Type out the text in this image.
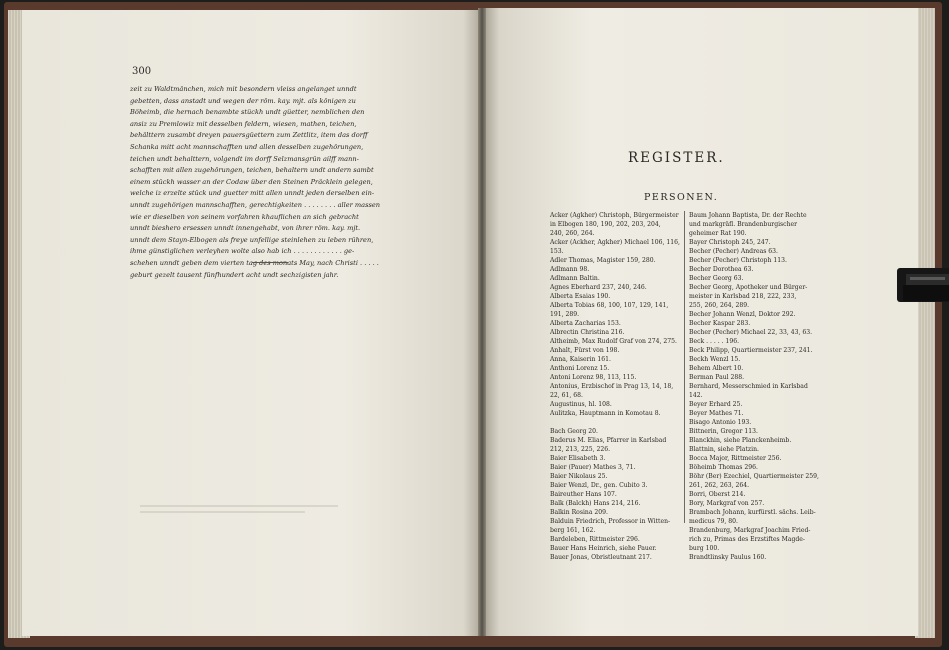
300
zeit zu Waldtmänchen, mich mit besondern vleiss angelanget unndt
gebetten, dass anstadt und wegen der röm. kay. mjt. als königen zu
Böheimb, die hernach benambte stückh undt güetter, nemblichen den
ansiz zu Premlowiz mit desselben feldern, wiesen, mathen, teichen,
behälttern zusambt dreyen pauersgüettern zum Zettlitz, item das dorff
Schanka mitt acht mannschafften und allen desselben zugehörungen,
teichen undt behalttern, volgendt im dorff Selzmansgrün ailff mann-
schafften mit allen zugehörungen, teichen, behaltern undt andern sambt
einem stückh wasser an der Codaw über den Steinen Präcklein gelegen,
welche iz erzelte stück und guetter mitt allen unndt jeden derselben ein-
unndt zugehörigen mannschafften, gerechtigkeiten . . . . . . . . aller massen
wie er dieselben von seinem vorfahren khauflichen an sich gebracht
unndt bieshero ersessen unndt innengehabt, von ihrer röm. kay. mjt.
unndt dem Stayn-Elbogen als freye unfellige steinlehen zu leben rühren,
ihme günstiglichen verleyhen wolte also hab ich . . . . . . . . . . . . ge-
schehen unndt geben dem vierten tag des monats May, nach Christi . . . . .
geburt gezelt tausent fünfhundert acht undt sechzigisten jahr.
REGISTER.
PERSONEN.
Acker (Agkher) Christoph, Bürgermeister
in Elbogen 180, 190, 202, 203, 204,
240, 260, 264.
Acker (Ackher, Agkher) Michael 106, 116,
153.
Adler Thomas, Magister 159, 280.
Adlmann 98.
Adlmann Baltin.
Agnes Eberhard 237, 240, 246.
Alberta Esaias 190.
Alberta Tobias 68, 100, 107, 129, 141,
191, 289.
Alberta Zacharias 153.
Albrectin Christina 216.
Altheimb, Max Rudolf Graf von 274, 275.
Anhalt, Fürst von 198.
Anna, Kaiserin 161.
Anthoni Lorenz 15.
Antoni Lorenz 98, 113, 115.
Antonius, Erzbischof in Prag 13, 14, 18,
22, 61, 68.
Augustinus, hl. 108.
Aulitzka, Hauptmann in Komotau 8.
Bach Georg 20.
Baderus M. Elias, Pfarrer in Karlsbad
212, 213, 225, 226.
Baier Elisabeth 3.
Baier (Pauer) Mathes 3, 71.
Baier Nikolaus 25.
Baier Wenzl, Dr., gen. Cubito 3.
Baireuther Hans 107.
Balk (Balckh) Hans 214, 216.
Balkin Rosina 209.
Balduin Friedrich, Professor in Witten-
berg 161, 162.
Bardeleben, Rittmeister 296.
Bauer Hans Heinrich, siehe Pauer.
Bauer Jonas, Obristleutnant 217.
Baum Johann Baptista, Dr. der Rechte
und markgräfl. Brandenburgischer
geheimer Rat 190.
Bayer Christoph 245, 247.
Becher (Pecher) Andreas 63.
Becher (Pecher) Christoph 113.
Becher Dorothea 63.
Becher Georg 63.
Becher Georg, Apotheker und Bürger-
meister in Karlsbad 218, 222, 233,
255, 260, 264, 289.
Becher Johann Wenzl, Doktor 292.
Becher Kaspar 283.
Becher (Pecher) Michael 22, 33, 43, 63.
Beck . . . . . 196.
Beck Philipp, Quartiermeister 237, 241.
Beckh Wenzl 15.
Behem Albert 10.
Berman Paul 288.
Bernhard, Messerschmied in Karlsbad
142.
Beyer Erhard 25.
Beyer Mathes 71.
Bisago Antonio 193.
Bittnerin, Gregor 113.
Blanckhin, siehe Planckenheimb.
Blattnin, siehe Platzin.
Bocca Major, Rittmeister 256.
Böheimb Thomas 296.
Böhr (Ber) Ezechiel, Quartiermeister 259,
261, 262, 263, 264.
Borri, Oberst 214.
Bory, Markgraf von 257.
Brambach Johann, kurfürstl. sächs. Leib-
medicus 79, 80.
Brandenburg, Markgraf Joachim Fried-
rich zu, Primas des Erzstiftes Magde-
burg 100.
Brandtlinsky Paulus 160.
